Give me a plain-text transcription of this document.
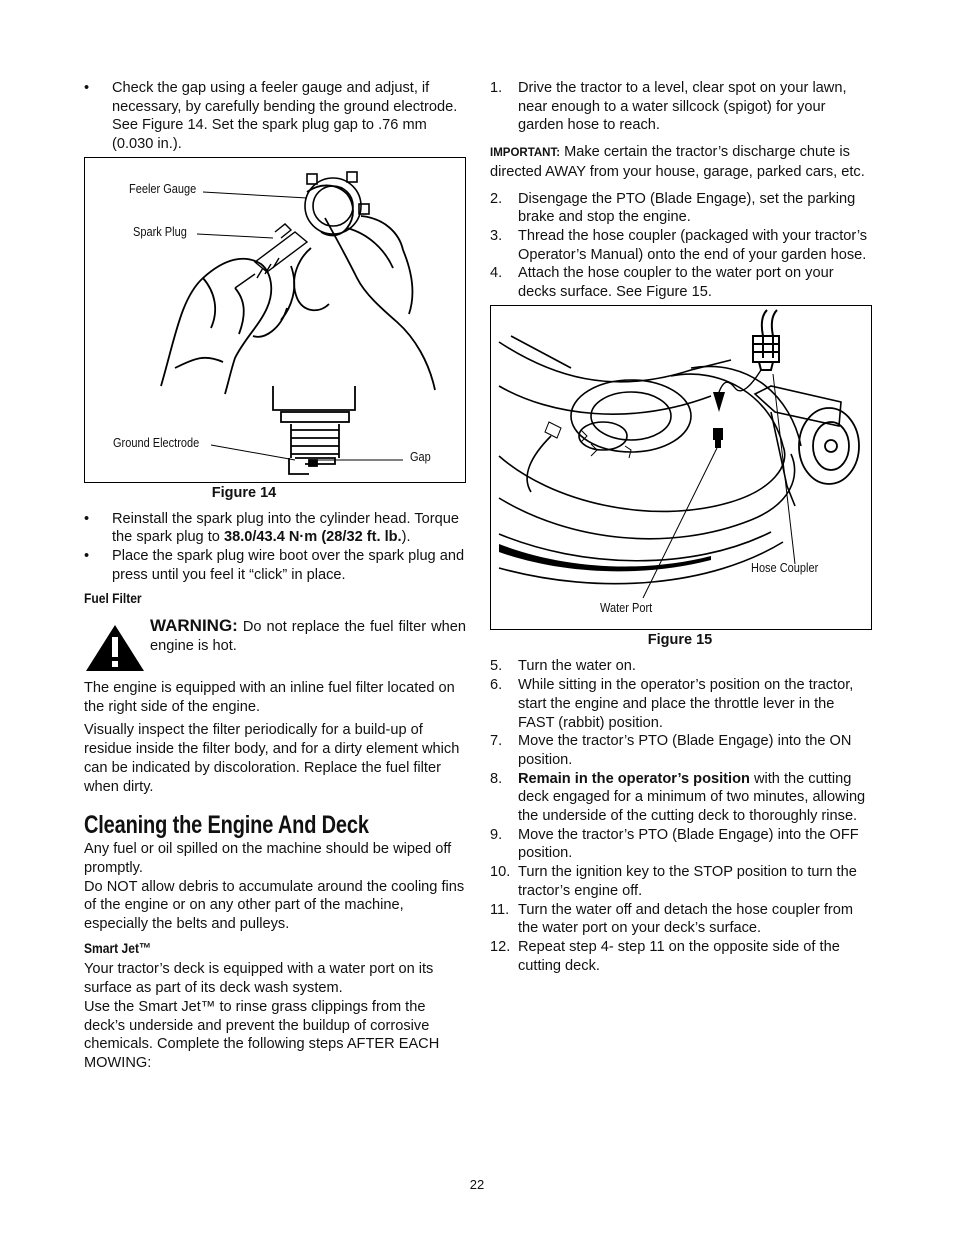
• Check the gap using a feeler gauge and adjust, if necessary, by carefully bending the ground electrode. See Figure 14. Set the spark plug gap to .76 mm (0.030 in.).
Feeler Gauge
Spark Plug
Ground Electrode
Gap
Figure 14
• Reinstall the spark plug into the cylinder head. Torque the spark plug to 38.0/43.4 N·m (28/32 ft. lb.).
• Place the spark plug wire boot over the spark plug and press until you feel it “click” in place.
Fuel Filter

WARNING: Do not replace the fuel filter when engine is hot.

The engine is equipped with an inline fuel filter located on the right side of the engine.

Visually inspect the filter periodically for a build-up of residue inside the filter body, and for a dirty element which can be indicated by discoloration. Replace the fuel filter when dirty.

Cleaning the Engine And Deck

Any fuel or oil spilled on the machine should be wiped off promptly.

Do NOT allow debris to accumulate around the cooling fins of the engine or on any other part of the machine, especially the belts and pulleys.

Smart Jet™

Your tractor’s deck is equipped with a water port on its surface as part of its deck wash system.

Use the Smart Jet™ to rinse grass clippings from the deck’s underside and prevent the buildup of corrosive chemicals. Complete the following steps AFTER EACH MOWING:

1. Drive the tractor to a level, clear spot on your lawn, near enough to a water sillcock (spigot) for your garden hose to reach.

IMPORTANT: Make certain the tractor’s discharge chute is directed AWAY from your house, garage, parked cars, etc.

2. Disengage the PTO (Blade Engage), set the parking brake and stop the engine.
3. Thread the hose coupler (packaged with your tractor’s Operator’s Manual) onto the end of your garden hose.
4. Attach the hose coupler to the water port on your decks surface. See Figure 15.
Hose Coupler
Water Port
Figure 15
5. Turn the water on.
6. While sitting in the operator’s position on the tractor, start the engine and place the throttle lever in the FAST (rabbit) position.
7. Move the tractor’s PTO (Blade Engage) into the ON position.
8. Remain in the operator’s position with the cutting deck engaged for a minimum of two minutes, allowing the underside of the cutting deck to thoroughly rinse.
9. Move the tractor’s PTO (Blade Engage) into the OFF position.
10. Turn the ignition key to the STOP position to turn the tractor’s engine off.
11. Turn the water off and detach the hose coupler from the water port on your deck’s surface.
12. Repeat step 4- step 11 on the opposite side of the cutting deck.
22
